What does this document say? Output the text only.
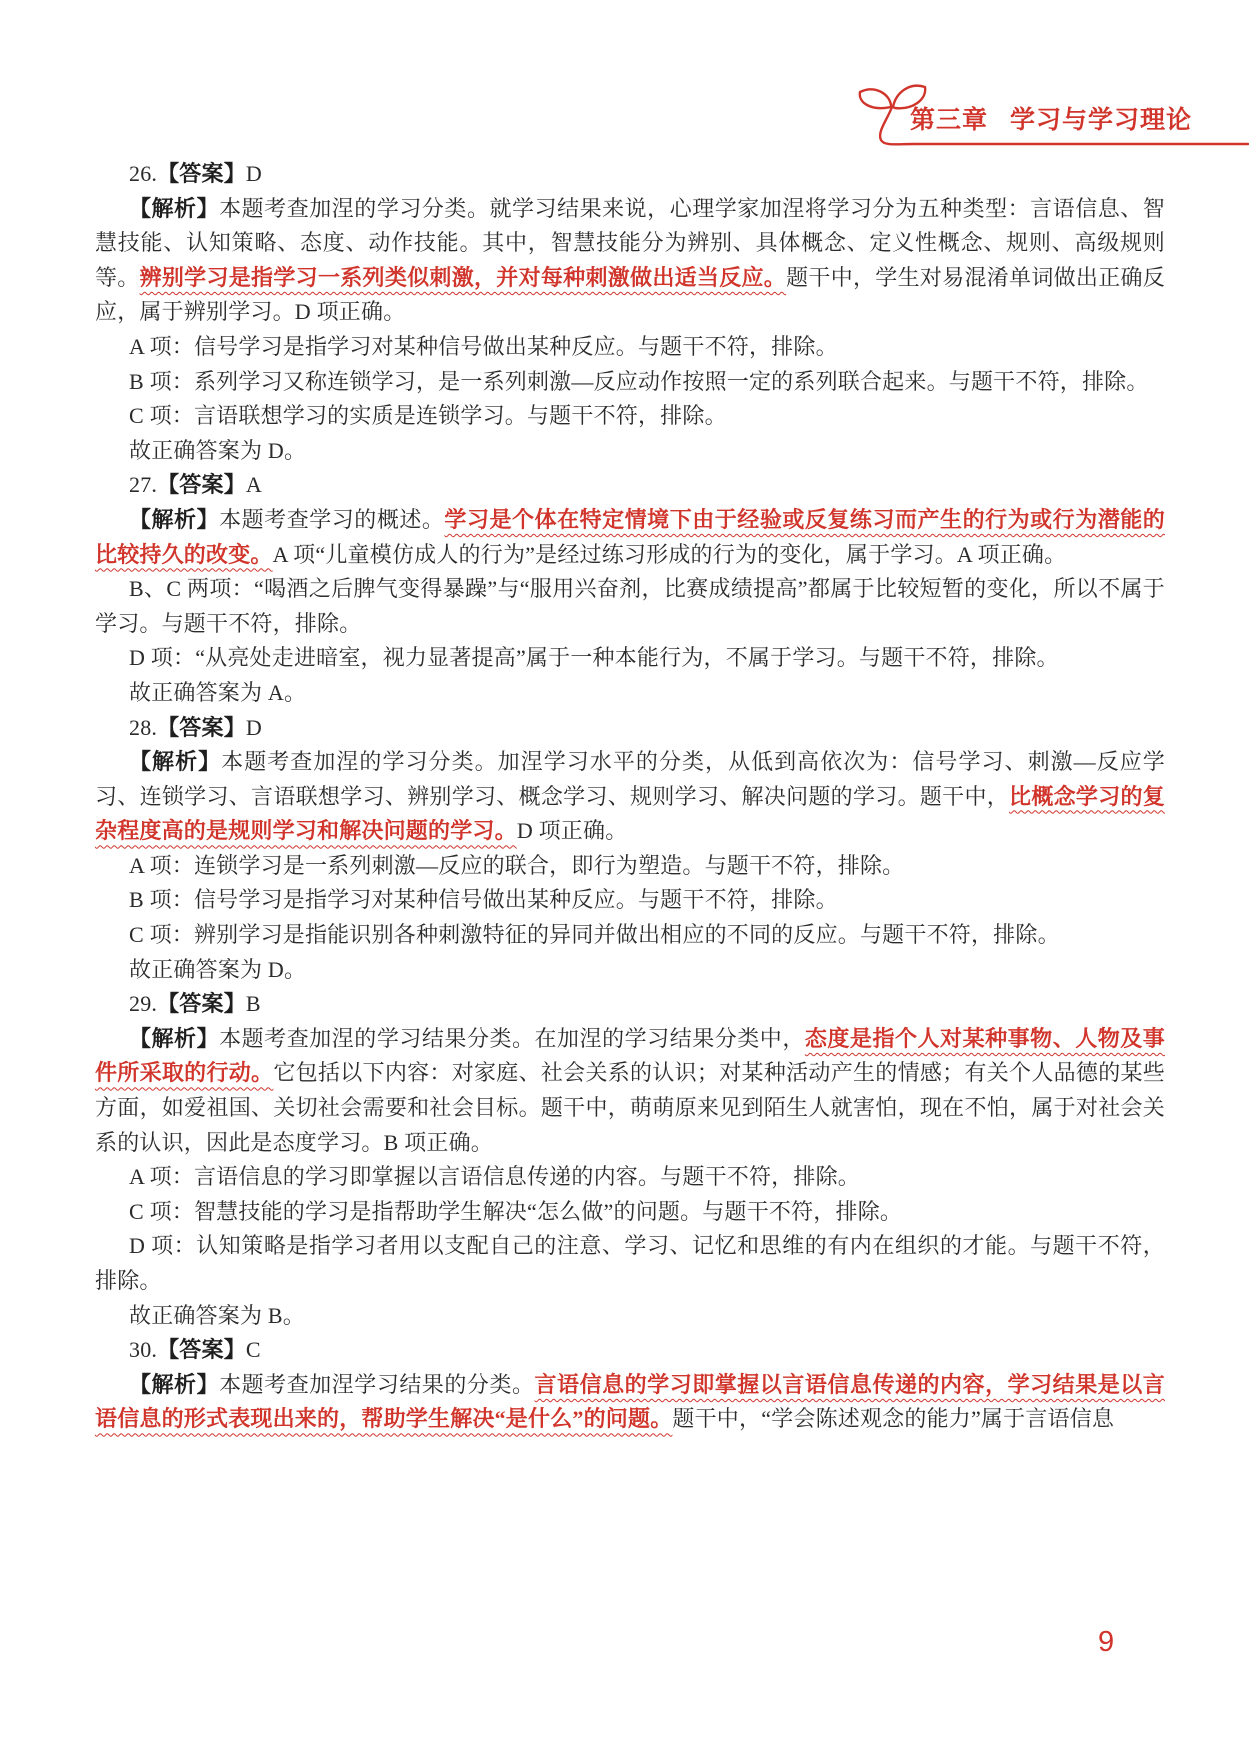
第三章 学习与学习理论

26.【答案】D

【解析】本题考查加涅的学习分类。就学习结果来说，心理学家加涅将学习分为五种类型：言语信息、智慧技能、认知策略、态度、动作技能。其中，智慧技能分为辨别、具体概念、定义性概念、规则、高级规则等。辨别学习是指学习一系列类似刺激，并对每种刺激做出适当反应。题干中，学生对易混淆单词做出正确反应，属于辨别学习。D 项正确。

A 项：信号学习是指学习对某种信号做出某种反应。与题干不符，排除。

B 项：系列学习又称连锁学习，是一系列刺激—反应动作按照一定的系列联合起来。与题干不符，排除。

C 项：言语联想学习的实质是连锁学习。与题干不符，排除。

故正确答案为 D。

27.【答案】A

【解析】本题考查学习的概述。学习是个体在特定情境下由于经验或反复练习而产生的行为或行为潜能的比较持久的改变。A 项“儿童模仿成人的行为”是经过练习形成的行为的变化，属于学习。A 项正确。

B、C 两项：“喝酒之后脾气变得暴躁”与“服用兴奋剂，比赛成绩提高”都属于比较短暂的变化，所以不属于学习。与题干不符，排除。

D 项：“从亮处走进暗室，视力显著提高”属于一种本能行为，不属于学习。与题干不符，排除。

故正确答案为 A。

28.【答案】D

【解析】本题考查加涅的学习分类。加涅学习水平的分类，从低到高依次为：信号学习、刺激—反应学习、连锁学习、言语联想学习、辨别学习、概念学习、规则学习、解决问题的学习。题干中，比概念学习的复杂程度高的是规则学习和解决问题的学习。D 项正确。

A 项：连锁学习是一系列刺激—反应的联合，即行为塑造。与题干不符，排除。

B 项：信号学习是指学习对某种信号做出某种反应。与题干不符，排除。

C 项：辨别学习是指能识别各种刺激特征的异同并做出相应的不同的反应。与题干不符，排除。

故正确答案为 D。

29.【答案】B

【解析】本题考查加涅的学习结果分类。在加涅的学习结果分类中，态度是指个人对某种事物、人物及事件所采取的行动。它包括以下内容：对家庭、社会关系的认识；对某种活动产生的情感；有关个人品德的某些方面，如爱祖国、关切社会需要和社会目标。题干中，萌萌原来见到陌生人就害怕，现在不怕，属于对社会关系的认识，因此是态度学习。B 项正确。

A 项：言语信息的学习即掌握以言语信息传递的内容。与题干不符，排除。

C 项：智慧技能的学习是指帮助学生解决“怎么做”的问题。与题干不符，排除。

D 项：认知策略是指学习者用以支配自己的注意、学习、记忆和思维的有内在组织的才能。与题干不符，排除。

故正确答案为 B。

30.【答案】C

【解析】本题考查加涅学习结果的分类。言语信息的学习即掌握以言语信息传递的内容，学习结果是以言语信息的形式表现出来的，帮助学生解决“是什么”的问题。题干中，“学会陈述观念的能力”属于言语信息

9
